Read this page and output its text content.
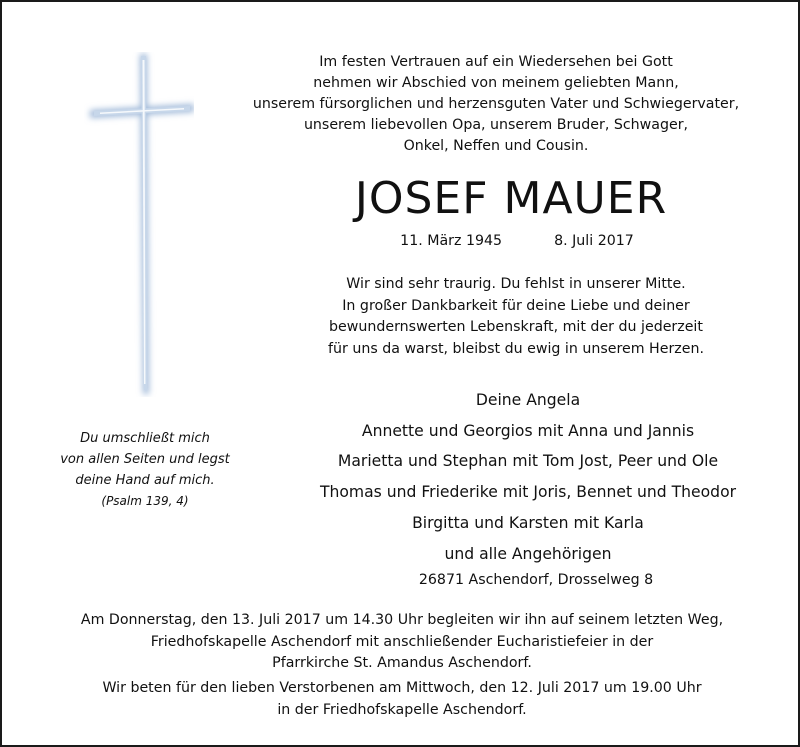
Im festen Vertrauen auf ein Wiedersehen bei Gott
nehmen wir Abschied von meinem geliebten Mann,
unserem fürsorglichen und herzensguten Vater und Schwiegervater,
unserem liebevollen Opa, unserem Bruder, Schwager,
Onkel, Neffen und Cousin.
JOSEF MAUER
11. März 1945	8. Juli 2017
Wir sind sehr traurig. Du fehlst in unserer Mitte.
In großer Dankbarkeit für deine Liebe und deiner
bewundernswerten Lebenskraft, mit der du jederzeit
für uns da warst, bleibst du ewig in unserem Herzen.
Du umschließt mich
von allen Seiten und legst
deine Hand auf mich.
(Psalm 139, 4)
Deine Angela
Annette und Georgios mit Anna und Jannis
Marietta und Stephan mit Tom Jost, Peer und Ole
Thomas und Friederike mit Joris, Bennet und Theodor
Birgitta und Karsten mit Karla
und alle Angehörigen
26871 Aschendorf, Drosselweg 8
Am Donnerstag, den 13. Juli 2017 um 14.30 Uhr begleiten wir ihn auf seinem letzten Weg,
Friedhofskapelle Aschendorf mit anschließender Eucharistiefeier in der
Pfarrkirche St. Amandus Aschendorf.
Wir beten für den lieben Verstorbenen am Mittwoch, den 12. Juli 2017 um 19.00 Uhr
in der Friedhofskapelle Aschendorf.
